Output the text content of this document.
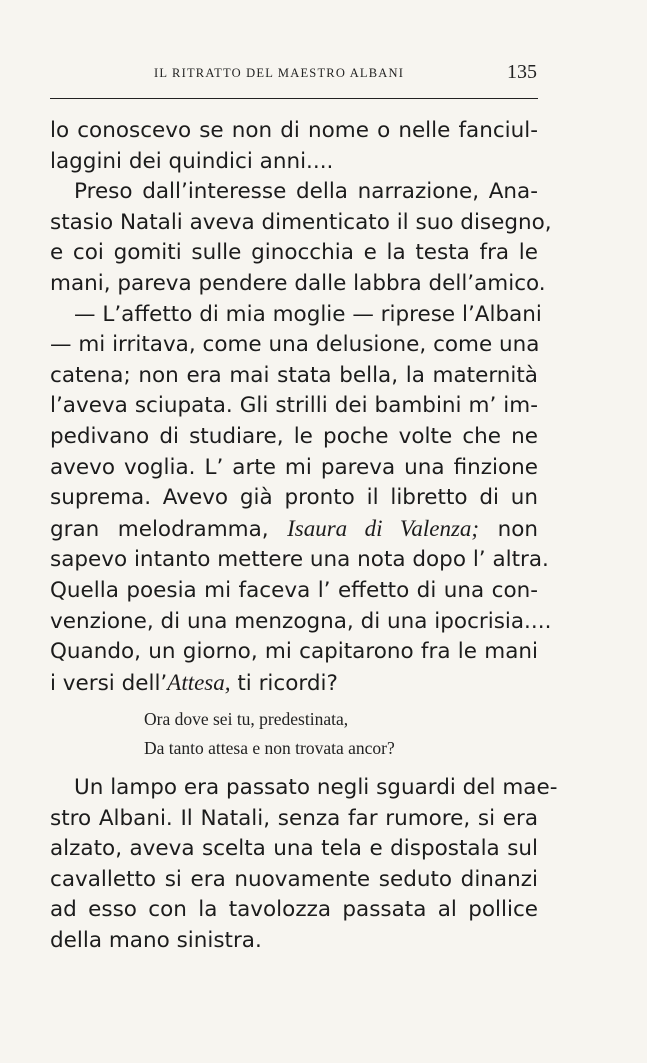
IL RITRATTO DEL MAESTRO ALBANI	135
lo conoscevo se non di nome o nelle fanciul-
laggini dei quindici anni....
Preso dall’interesse della narrazione, Ana-
stasio Natali aveva dimenticato il suo disegno,
e coi gomiti sulle ginocchia e la testa fra le
mani, pareva pendere dalle labbra dell’amico.
— L’affetto di mia moglie — riprese l’Albani
— mi irritava, come una delusione, come una
catena; non era mai stata bella, la maternità
l’aveva sciupata. Gli strilli dei bambini m’ im-
pedivano di studiare, le poche volte che ne
avevo voglia. L’ arte mi pareva una finzione
suprema. Avevo già pronto il libretto di un
gran melodramma, Isaura di Valenza; non
sapevo intanto mettere una nota dopo l’ altra.
Quella poesia mi faceva l’ effetto di una con-
venzione, di una menzogna, di una ipocrisia....
Quando, un giorno, mi capitarono fra le mani
i versi dell’Attesa, ti ricordi?
Ora dove sei tu, predestinata,
Da tanto attesa e non trovata ancor?
Un lampo era passato negli sguardi del mae-
stro Albani. Il Natali, senza far rumore, si era
alzato, aveva scelta una tela e dispostala sul
cavalletto si era nuovamente seduto dinanzi
ad esso con la tavolozza passata al pollice
della mano sinistra.
